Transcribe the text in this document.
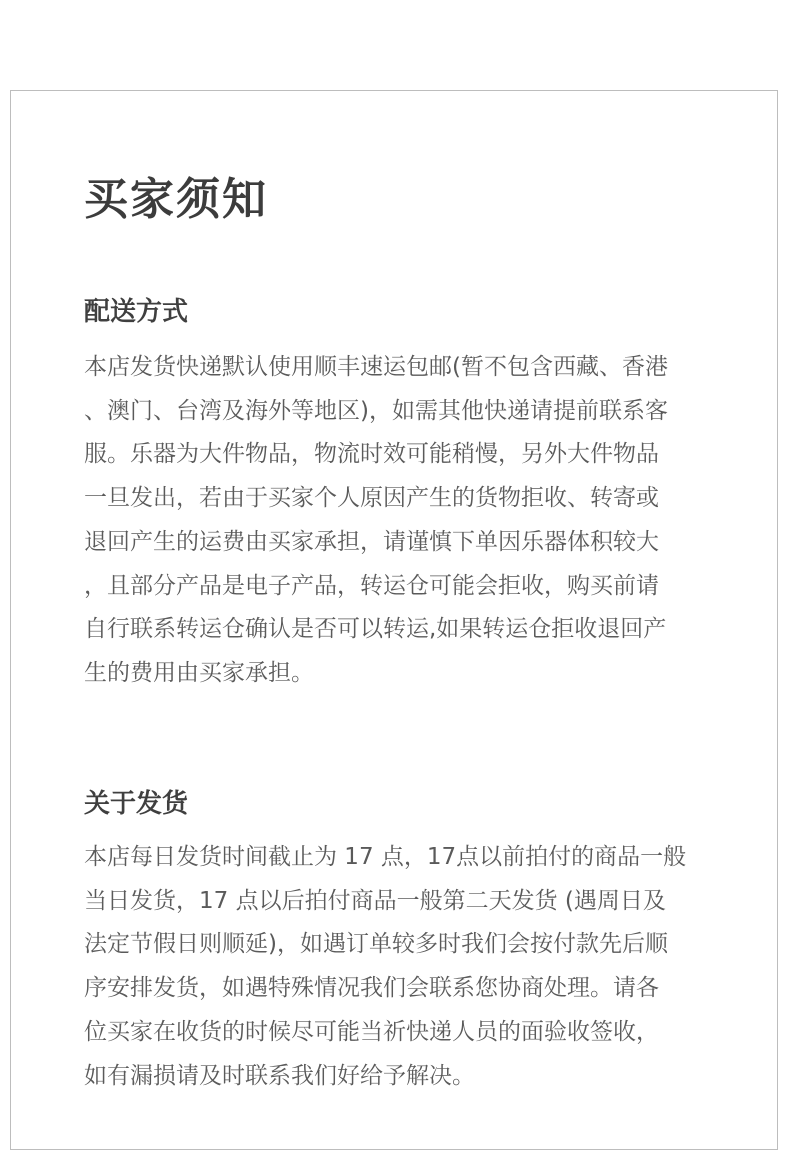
买家须知
配送方式
本店发货快递默认使用顺丰速运包邮(暂不包含西藏、香港
、澳门、台湾及海外等地区)，如需其他快递请提前联系客
服。乐器为大件物品，物流时效可能稍慢，另外大件物品
一旦发出，若由于买家个人原因产生的货物拒收、转寄或
退回产生的运费由买家承担，请谨慎下单因乐器体积较大
，且部分产品是电子产品，转运仓可能会拒收，购买前请
自行联系转运仓确认是否可以转运,如果转运仓拒收退回产
生的费用由买家承担。
关于发货
本店每日发货时间截止为 17 点，17点以前拍付的商品一般
当日发货，17 点以后拍付商品一般第二天发货 (遇周日及
法定节假日则顺延)，如遇订单较多时我们会按付款先后顺
序安排发货，如遇特殊情况我们会联系您协商处理。请各
位买家在收货的时候尽可能当祈快递人员的面验收签收，
如有漏损请及时联系我们好给予解决。
